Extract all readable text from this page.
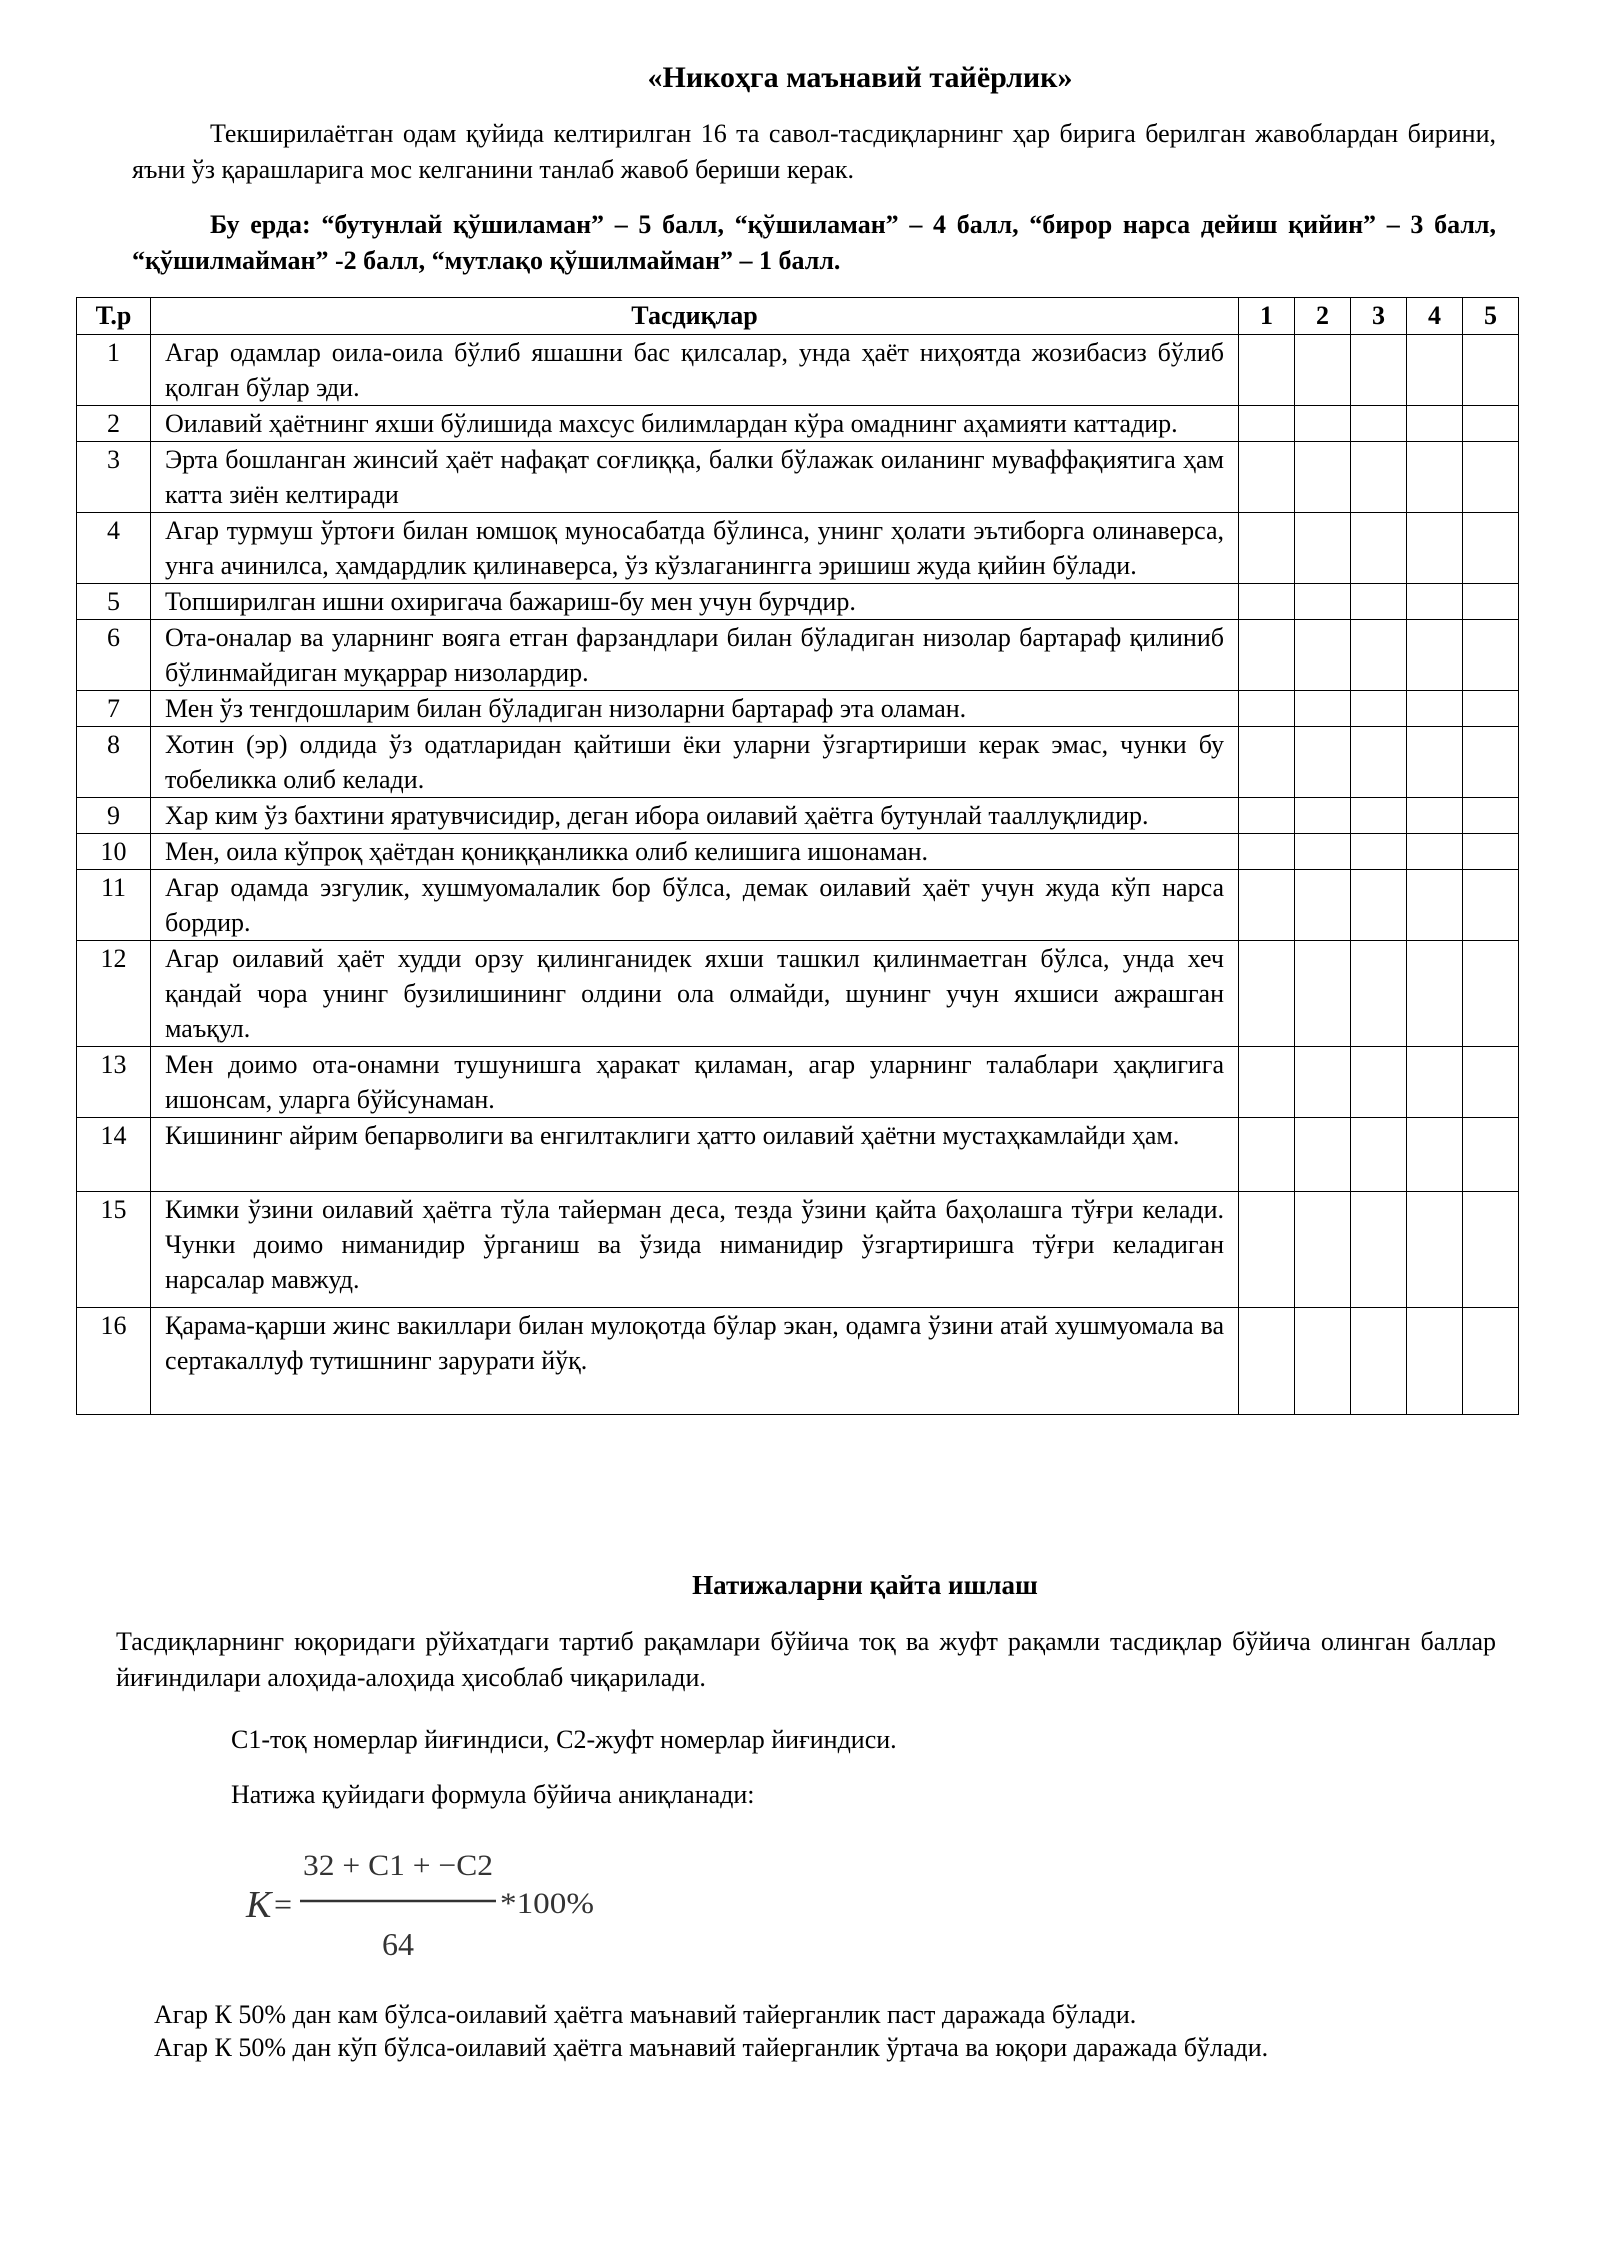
«Никоҳга маънавий тайёрлик»
Текширилаётган одам қуйида келтирилган 16 та савол-тасдиқларнинг ҳар бирига берилган жавоблардан бирини, яъни ўз қарашларига мос келганини танлаб жавоб бериши керак.
Бу ерда: “бутунлай қўшиламан” – 5 балл, “қўшиламан” – 4 балл, “бирор нарса дейиш қийин” – 3 балл, “қўшилмайман” -2 балл, “мутлақо қўшилмайман” – 1 балл.
Т.р	Тасдиқлар	1	2	3	4	5
1	Агар одамлар оила-оила бўлиб яшашни бас қилсалар, унда ҳаёт ниҳоятда жозибасиз бўлиб қолган бўлар эди.					
2	Оилавий ҳаётнинг яхши бўлишида махсус билимлардан кўра омаднинг аҳамияти каттадир.					
3	Эрта бошланган жинсий ҳаёт нафақат соғлиққа, балки бўлажак оиланинг муваффақиятига ҳам катта зиён келтиради					
4	Агар турмуш ўртоғи билан юмшоқ муносабатда бўлинса, унинг ҳолати эътиборга олинаверса, унга ачинилса, ҳамдардлик қилинаверса, ўз кўзлаганингга эришиш жуда қийин бўлади.					
5	Топширилган ишни охиригача бажариш-бу мен учун бурчдир.					
6	Ота-оналар ва уларнинг вояга етган фарзандлари билан бўладиган низолар бартараф қилиниб бўлинмайдиган муқаррар низолардир.					
7	Мен ўз тенгдошларим билан бўладиган низоларни бартараф эта оламан.					
8	Хотин (эр) олдида ўз одатларидан қайтиши ёки уларни ўзгартириши керак эмас, чунки бу тобеликка олиб келади.					
9	Хар ким ўз бахтини яратувчисидир, деган ибора оилавий ҳаётга бутунлай тааллуқлидир.					
10	Мен, оила кўпроқ ҳаётдан қониққанликка олиб келишига ишонаман.					
11	Агар одамда эзгулик, хушмуомалалик бор бўлса, демак оилавий ҳаёт учун жуда кўп нарса бордир.					
12	Агар оилавий ҳаёт худди орзу қилинганидек яхши ташкил қилинмаетган бўлса, унда хеч қандай чора унинг бузилишининг олдини ола олмайди, шунинг учун яхшиси ажрашган маъқул.					
13	Мен доимо ота-онамни тушунишга ҳаракат қиламан, агар уларнинг талаблари ҳақлигига ишонсам, уларга бўйсунаман.					
14	Кишининг айрим бепарволиги ва енгилтаклиги ҳатто оилавий ҳаётни мустаҳкамлайди ҳам.					
15	Кимки ўзини оилавий ҳаётга тўла тайерман деса, тезда ўзини қайта баҳолашга тўғри келади. Чунки доимо ниманидир ўрганиш ва ўзида ниманидир ўзгартиришга тўғри келадиган нарсалар мавжуд.					
16	Қарама-қарши жинс вакиллари билан мулоқотда бўлар экан, одамга ўзини атай хушмуомала ва сертакаллуф тутишнинг зарурати йўқ.					
Натижаларни қайта ишлаш
Тасдиқларнинг юқоридаги рўйхатдаги тартиб рақамлари бўйича тоқ ва жуфт рақамли тасдиқлар бўйича олинган баллар йиғиндилари алоҳида-алоҳида ҳисоблаб чиқарилади.
С1-тоқ номерлар йиғиндиси, С2-жуфт номерлар йиғиндиси.
Натижа қуйидаги формула бўйича аниқланади:
K =
32 + C1 + −C2
64
*100%
Агар К 50% дан кам бўлса-оилавий ҳаётга маънавий тайерганлик паст даражада бўлади.
Агар К 50% дан кўп бўлса-оилавий ҳаётга маънавий тайерганлик ўртача ва юқори даражада бўлади.
